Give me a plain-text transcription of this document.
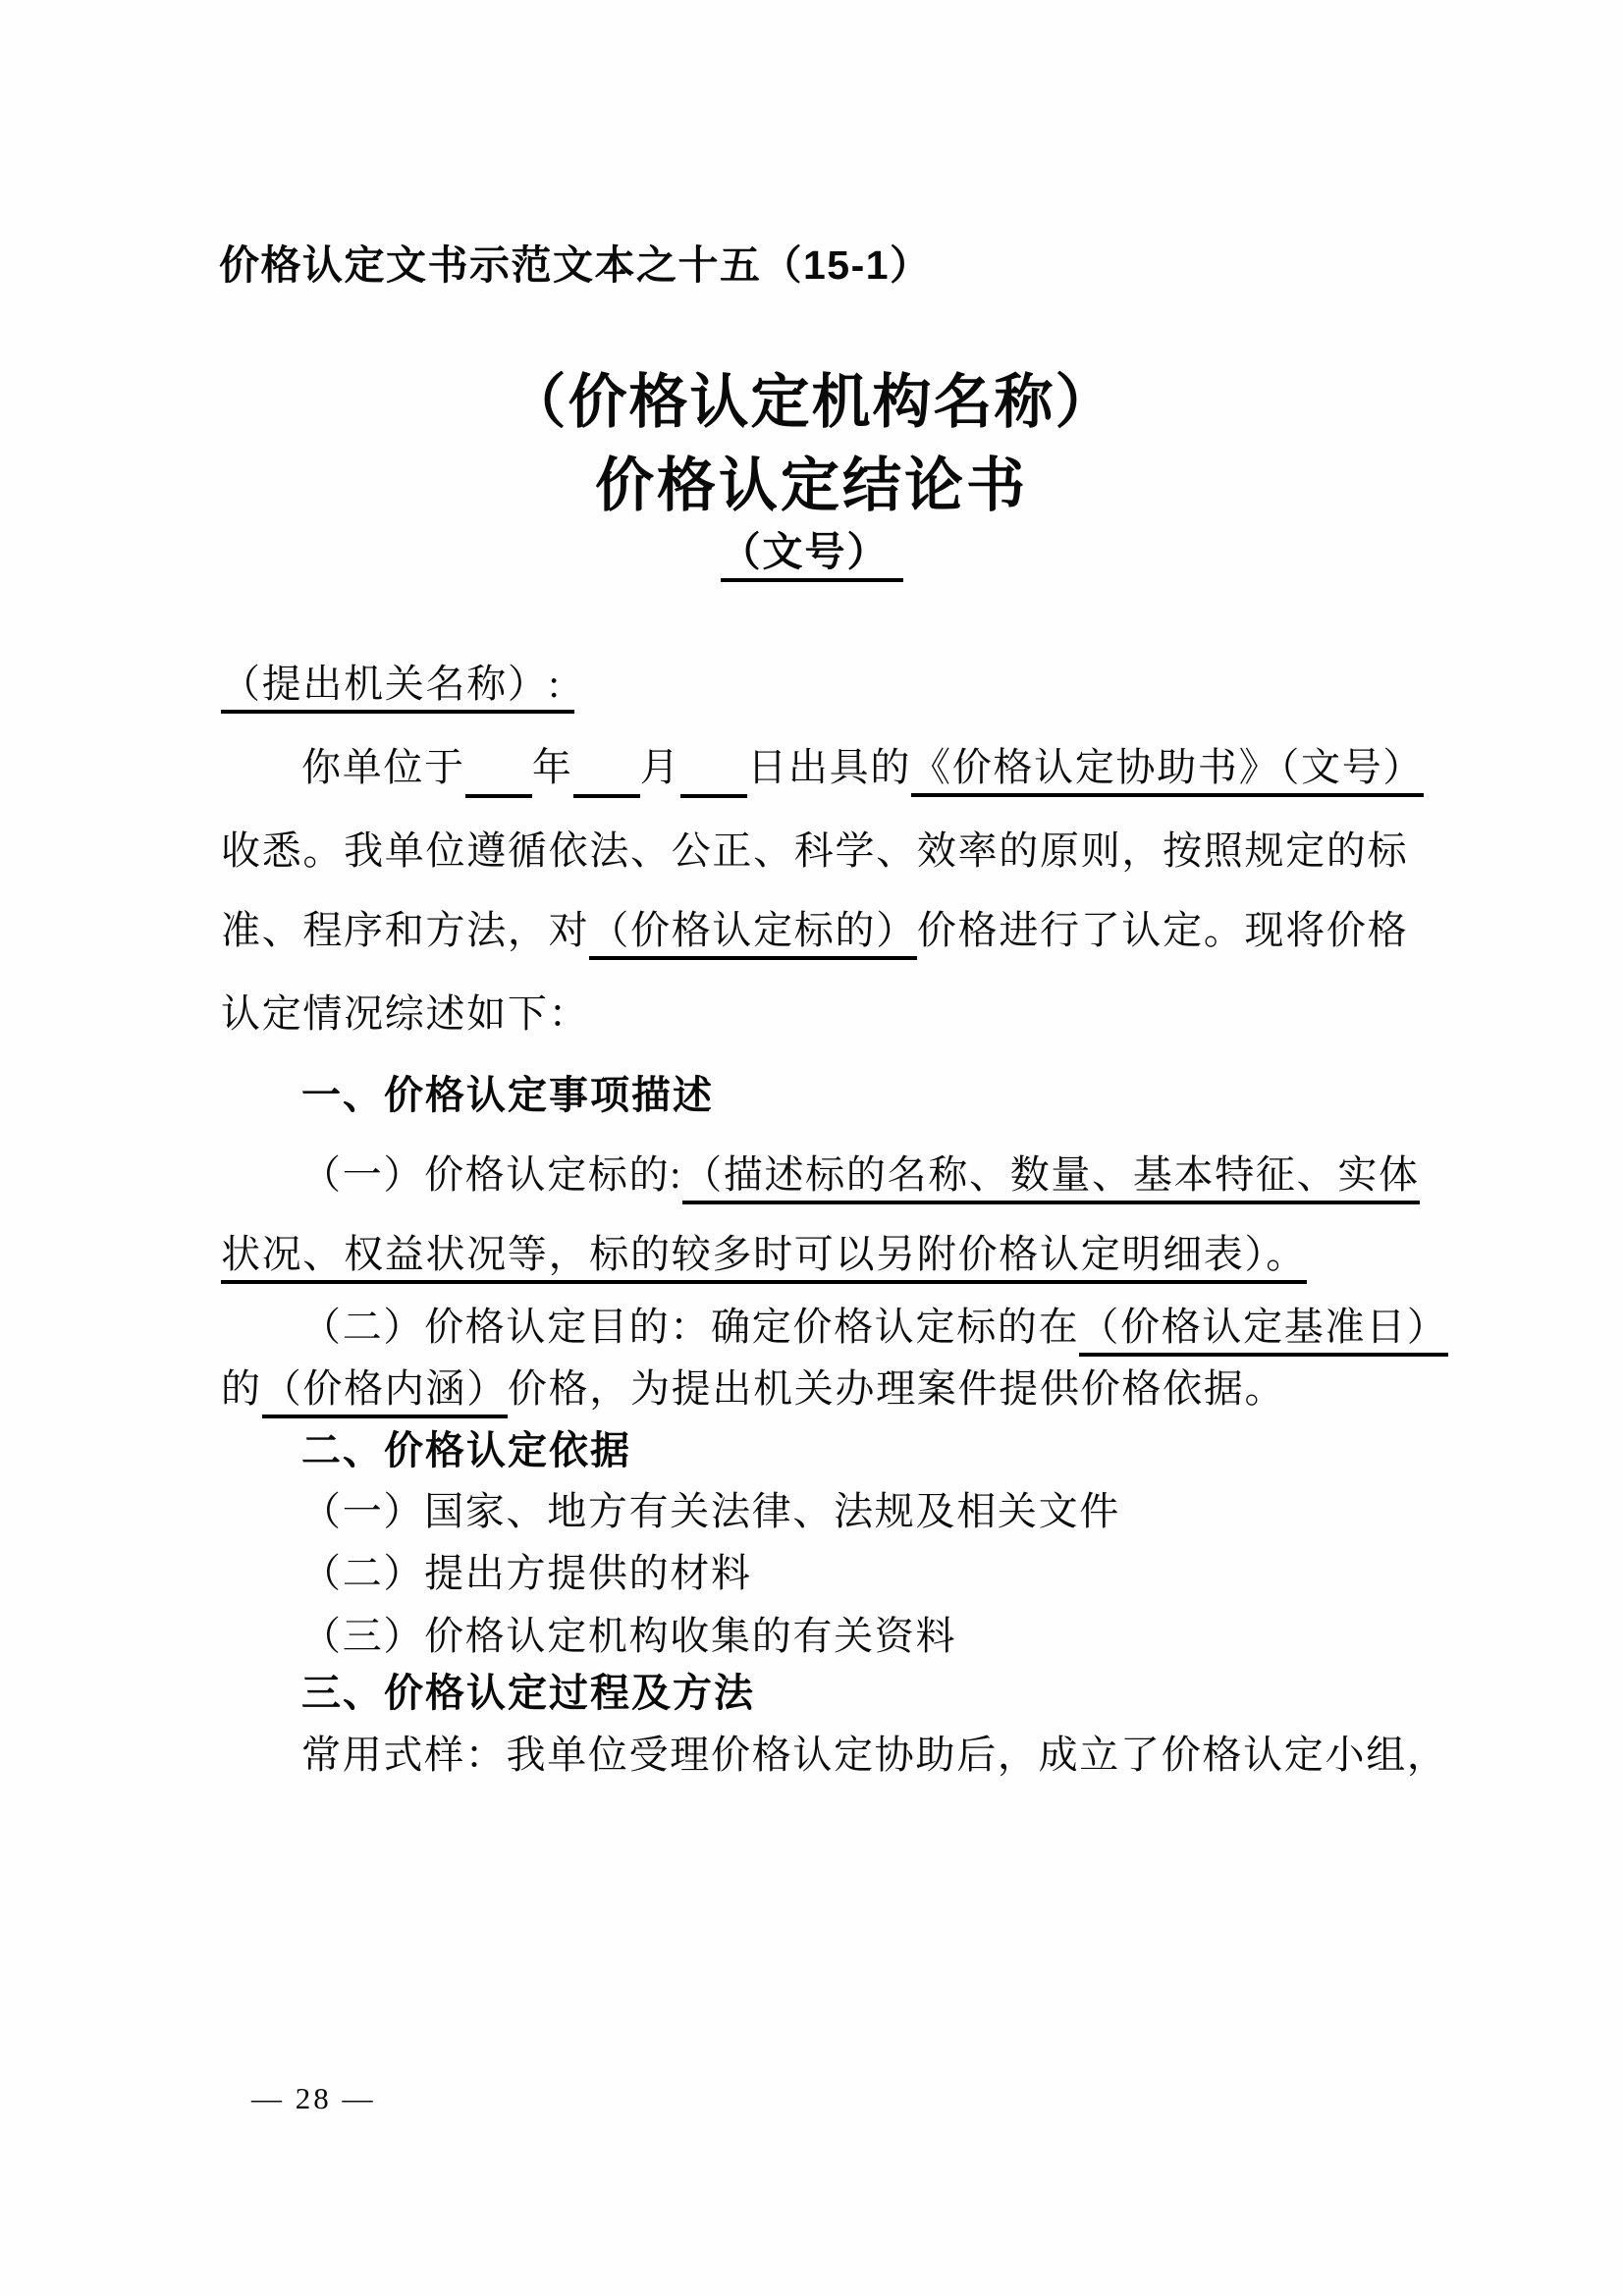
价格认定文书示范文本之十五（15-1）
（价格认定机构名称）
价格认定结论书
（文号）
（提出机关名称）:
你单位于 年 月 日出具的《价格认定协助书》（文号）
收悉。我单位遵循依法、公正、科学、效率的原则，按照规定的标
准、程序和方法，对（价格认定标的）价格进行了认定。现将价格
认定情况综述如下：
一、价格认定事项描述
（一）价格认定标的:（描述标的名称、数量、基本特征、实体
状况、权益状况等，标的较多时可以另附价格认定明细表）。
（二）价格认定目的：确定价格认定标的在（价格认定基准日）
的（价格内涵）价格，为提出机关办理案件提供价格依据。
二、价格认定依据
（一）国家、地方有关法律、法规及相关文件
（二）提出方提供的材料
（三）价格认定机构收集的有关资料
三、价格认定过程及方法
常用式样：我单位受理价格认定协助后，成立了价格认定小组，
— 28 —
